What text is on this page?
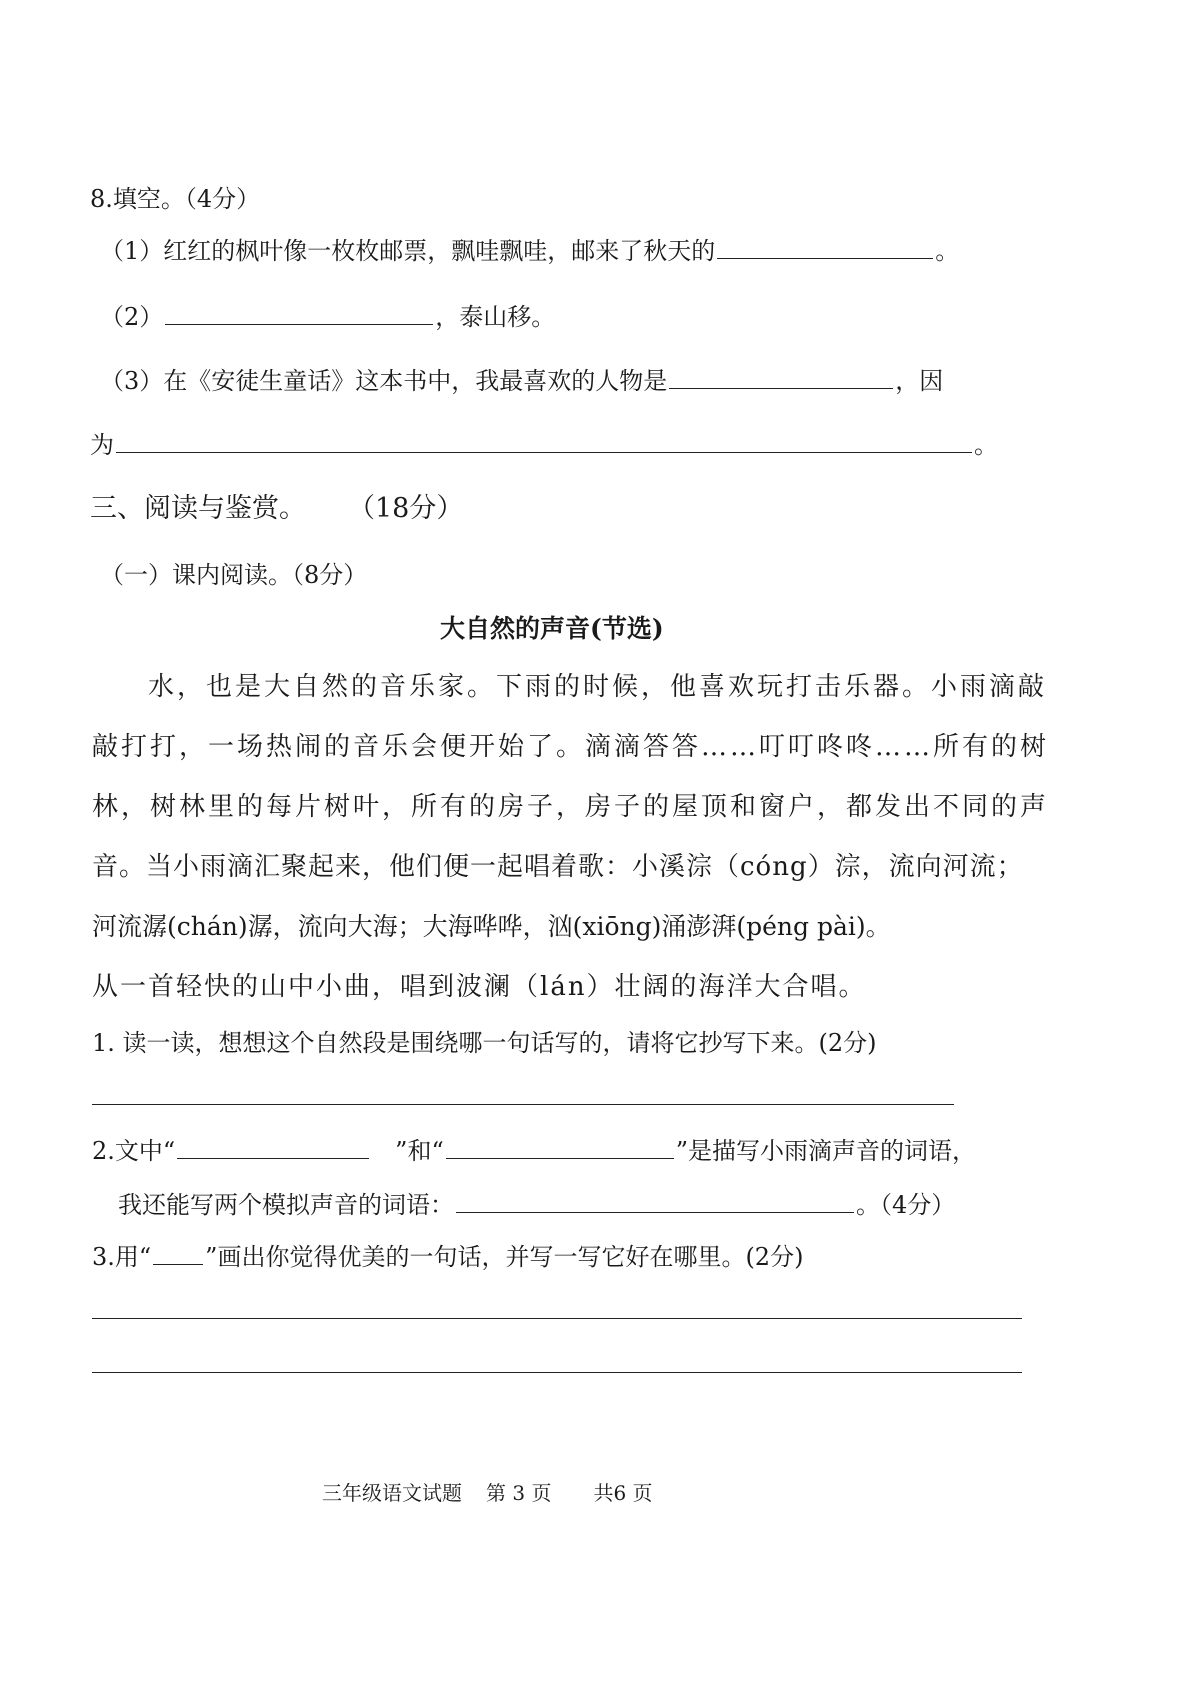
8.填空。（4分）
（1）红红的枫叶像一枚枚邮票，飘哇飘哇，邮来了秋天的	。
（2）	，泰山移。
（3）在《安徒生童话》这本书中，我最喜欢的人物是	，因
为	。
三、阅读与鉴赏。 （18分）
（一）课内阅读。（8分）
大自然的声音(节选)
水，也是大自然的音乐家。下雨的时候，他喜欢玩打击乐器。小雨滴敲
敲打打，一场热闹的音乐会便开始了。滴滴答答……叮叮咚咚……所有的树
林，树林里的每片树叶，所有的房子，房子的屋顶和窗户，都发出不同的声
音。当小雨滴汇聚起来，他们便一起唱着歌：小溪淙（cóng）淙，流向河流；
河流潺(chán)潺，流向大海；大海哗哗，汹(xiōng)涌澎湃(péng pài)。
从一首轻快的山中小曲，唱到波澜（lán）壮阔的海洋大合唱。
1. 读一读，想想这个自然段是围绕哪一句话写的，请将它抄写下来。(2分)
2.文中“	”和“	”是描写小雨滴声音的词语，
我还能写两个模拟声音的词语：	。（4分）
3.用“ ”画出你觉得优美的一句话，并写一写它好在哪里。(2分)
三年级语文试题 第 3 页 共6 页
